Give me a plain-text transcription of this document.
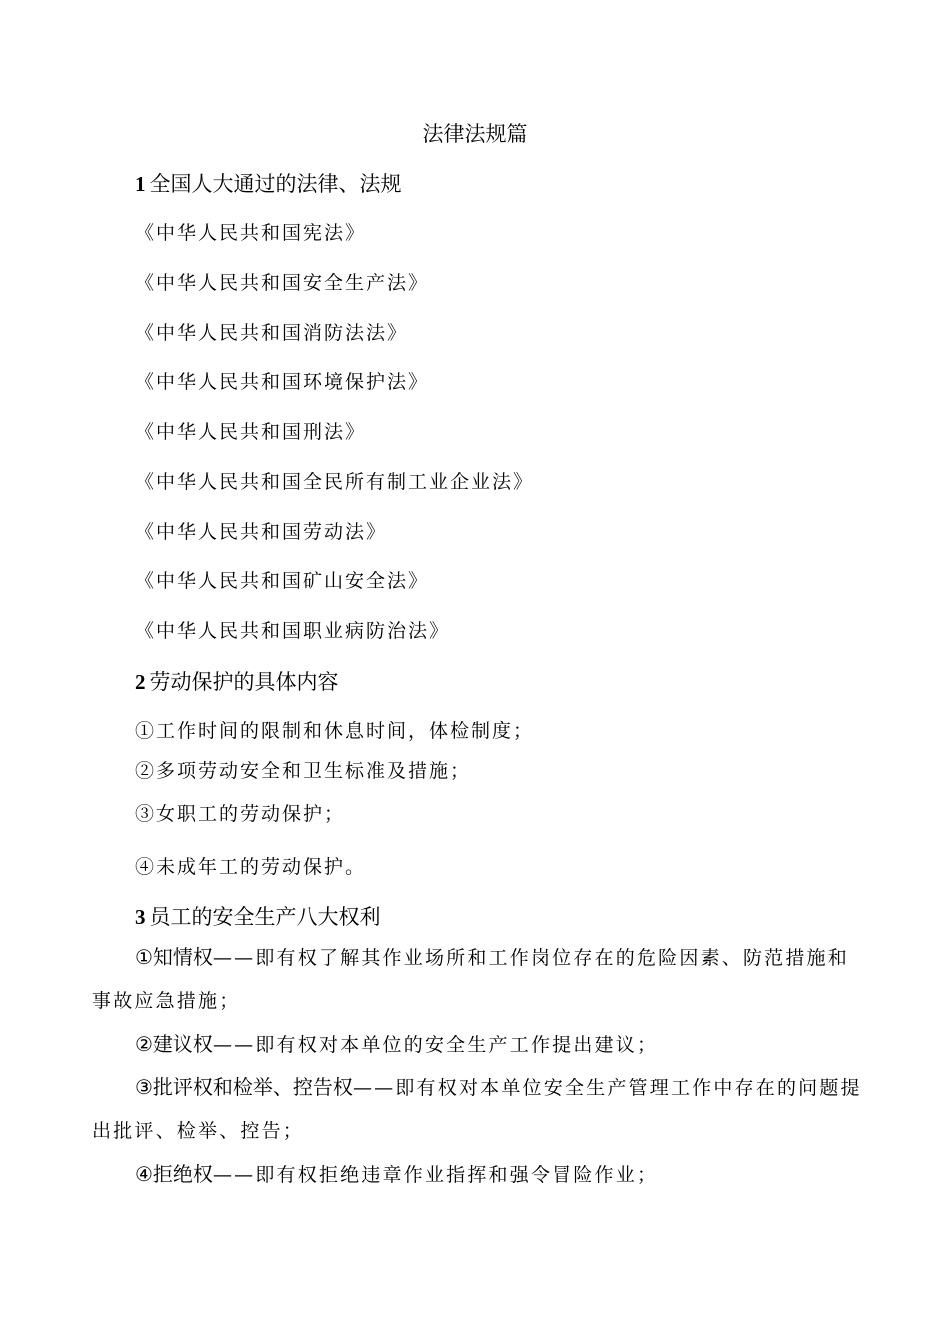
法律法规篇
1 全国人大通过的法律、法规
《中华人民共和国宪法》
《中华人民共和国安全生产法》
《中华人民共和国消防法法》
《中华人民共和国环境保护法》
《中华人民共和国刑法》
《中华人民共和国全民所有制工业企业法》
《中华人民共和国劳动法》
《中华人民共和国矿山安全法》
《中华人民共和国职业病防治法》
2 劳动保护的具体内容
①工作时间的限制和休息时间，体检制度；
②多项劳动安全和卫生标准及措施；
③女职工的劳动保护；
④未成年工的劳动保护。
3 员工的安全生产八大权利
①知情权——即有权了解其作业场所和工作岗位存在的危险因素、防范措施和事故应急措施；
②建议权——即有权对本单位的安全生产工作提出建议；
③批评权和检举、控告权——即有权对本单位安全生产管理工作中存在的问题提出批评、检举、控告；
④拒绝权——即有权拒绝违章作业指挥和强令冒险作业；
